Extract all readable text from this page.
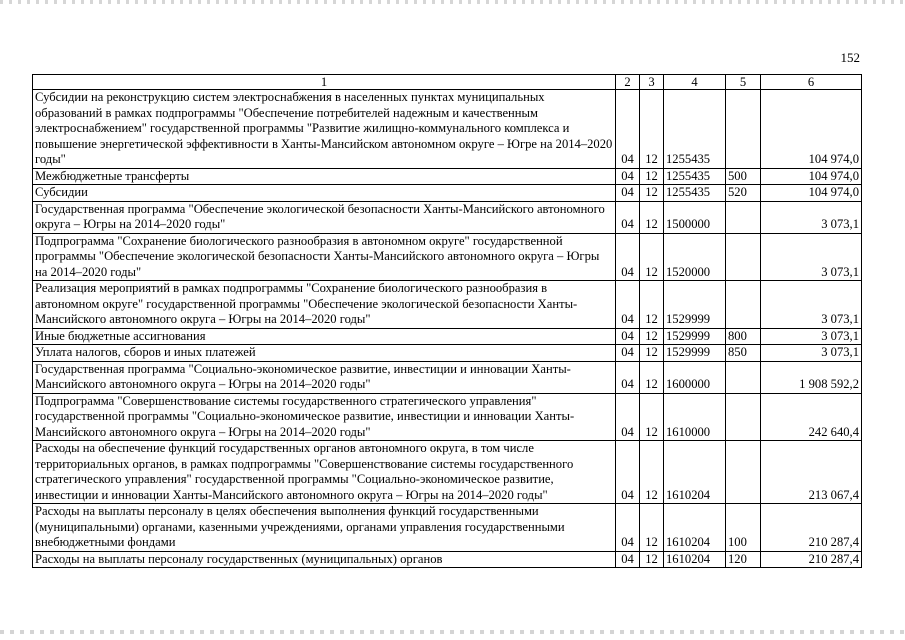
152
1	2	3	4	5	6
Субсидии на реконструкцию систем электроснабжения в населенных пунктах муниципальных образований в рамках подпрограммы "Обеспечение потребителей надежным и качественным электроснабжением" государственной программы "Развитие жилищно-коммунального комплекса и повышение энергетической эффективности в Ханты-Мансийском автономном округе – Югре на 2014–2020 годы"	04	12	1255435		104 974,0
Межбюджетные трансферты	04	12	1255435	500	104 974,0
Субсидии	04	12	1255435	520	104 974,0
Государственная программа "Обеспечение экологической безопасности Ханты-Мансийского автономного округа – Югры на 2014–2020 годы"	04	12	1500000		3 073,1
Подпрограмма "Сохранение биологического разнообразия в автономном округе" государственной программы "Обеспечение экологической безопасности Ханты-Мансийского автономного округа – Югры на 2014–2020 годы"	04	12	1520000		3 073,1
Реализация мероприятий в рамках подпрограммы "Сохранение биологического разнообразия в автономном округе" государственной программы "Обеспечение экологической безопасности Ханты-Мансийского автономного округа – Югры на 2014–2020 годы"	04	12	1529999		3 073,1
Иные бюджетные ассигнования	04	12	1529999	800	3 073,1
Уплата налогов, сборов и иных платежей	04	12	1529999	850	3 073,1
Государственная программа "Социально-экономическое развитие, инвестиции и инновации Ханты-Мансийского автономного округа – Югры на 2014–2020 годы"	04	12	1600000		1 908 592,2
Подпрограмма "Совершенствование системы государственного стратегического управления" государственной программы "Социально-экономическое развитие, инвестиции и инновации Ханты-Мансийского автономного округа – Югры на 2014–2020 годы"	04	12	1610000		242 640,4
Расходы на обеспечение функций государственных органов автономного округа, в том числе территориальных органов, в рамках подпрограммы "Совершенствование системы государственного стратегического управления" государственной программы "Социально-экономическое развитие, инвестиции и инновации Ханты-Мансийского автономного округа – Югры на 2014–2020 годы"	04	12	1610204		213 067,4
Расходы на выплаты персоналу в целях обеспечения выполнения функций государственными (муниципальными) органами, казенными учреждениями, органами управления государственными внебюджетными фондами	04	12	1610204	100	210 287,4
Расходы на выплаты персоналу государственных (муниципальных) органов	04	12	1610204	120	210 287,4
